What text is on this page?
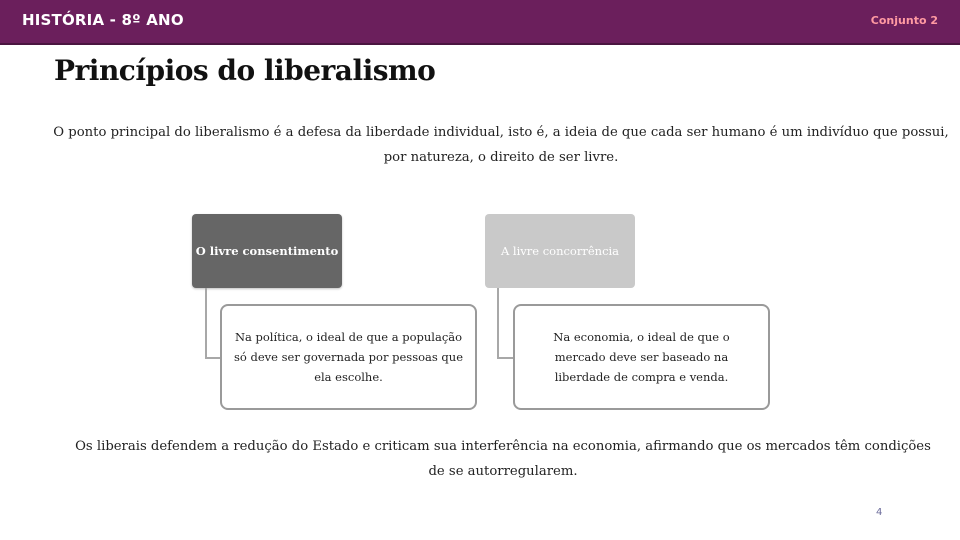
HISTÓRIA - 8º ANO	Conjunto 2
Princípios do liberalismo
O ponto principal do liberalismo é a defesa da liberdade individual, isto é, a ideia de que cada ser humano é um indivíduo que possui, por natureza, o direito de ser livre.
O livre consentimento	A livre concorrência
Na política, o ideal de que a população só deve ser governada por pessoas que ela escolhe.
Na economia, o ideal de que o mercado deve ser baseado na liberdade de compra e venda.
Os liberais defendem a redução do Estado e criticam sua interferência na economia, afirmando que os mercados têm condições de se autorregularem.
4
